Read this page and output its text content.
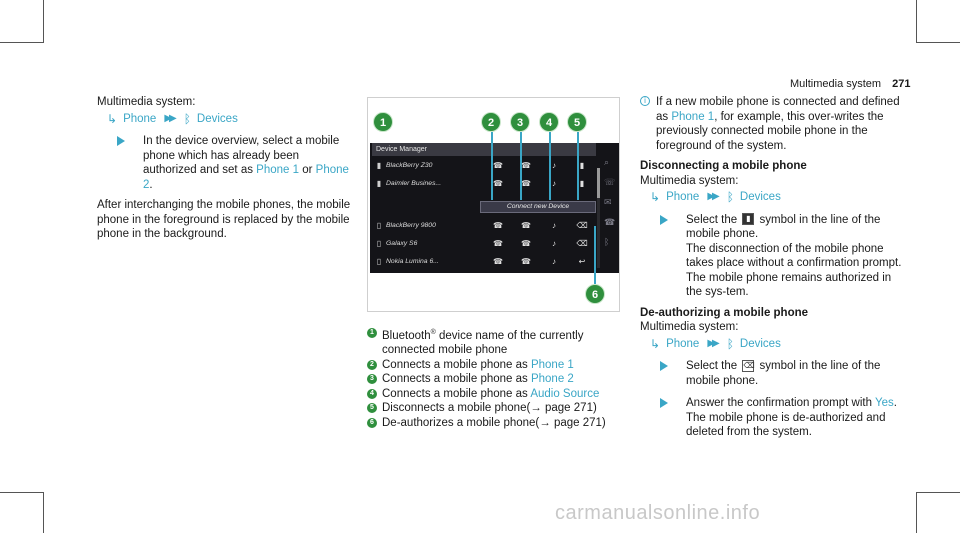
Multimedia system 271
Multimedia system:
↳ Phone ▶▶ ᛒ Devices
In the device overview, select a mobile phone which has already been authorized and set as Phone 1 or Phone 2.
After interchanging the mobile phones, the mobile phone in the foreground is replaced by the mobile phone in the background.
Device Manager
▮ BlackBerry Z30	☎	☎	♪	▮
▮ Daimler Busines...	☎	☎	♪	▮
Connect new Device
▯ BlackBerry 9800	☎	☎	♪	⌫
▯ Galaxy S6	☎	☎	♪	⌫
▯ Nokia Lumina 6...	☎	☎	♪	↩
⌕
☏
✉
☎
ᛒ
1	2	3	4	5
6
1 Bluetooth® device name of the currently connected mobile phone
2 Connects a mobile phone as Phone 1
3 Connects a mobile phone as Phone 2
4 Connects a mobile phone as Audio Source
5 Disconnects a mobile phone(→ page 271)
6 De-authorizes a mobile phone(→ page 271)
i If a new mobile phone is connected and defined as Phone 1, for example, this over-writes the previously connected mobile phone in the foreground of the system.
Disconnecting a mobile phone
Multimedia system:
↳ Phone ▶▶ ᛒ Devices
Select the ▮ symbol in the line of the mobile phone.
The disconnection of the mobile phone takes place without a confirmation prompt. The mobile phone remains authorized in the sys-tem.
De-authorizing a mobile phone
Multimedia system:
↳ Phone ▶▶ ᛒ Devices
Select the ⌫ symbol in the line of the mobile phone.
Answer the confirmation prompt with Yes.
The mobile phone is de-authorized and deleted from the system.
carmanualsonline.info
